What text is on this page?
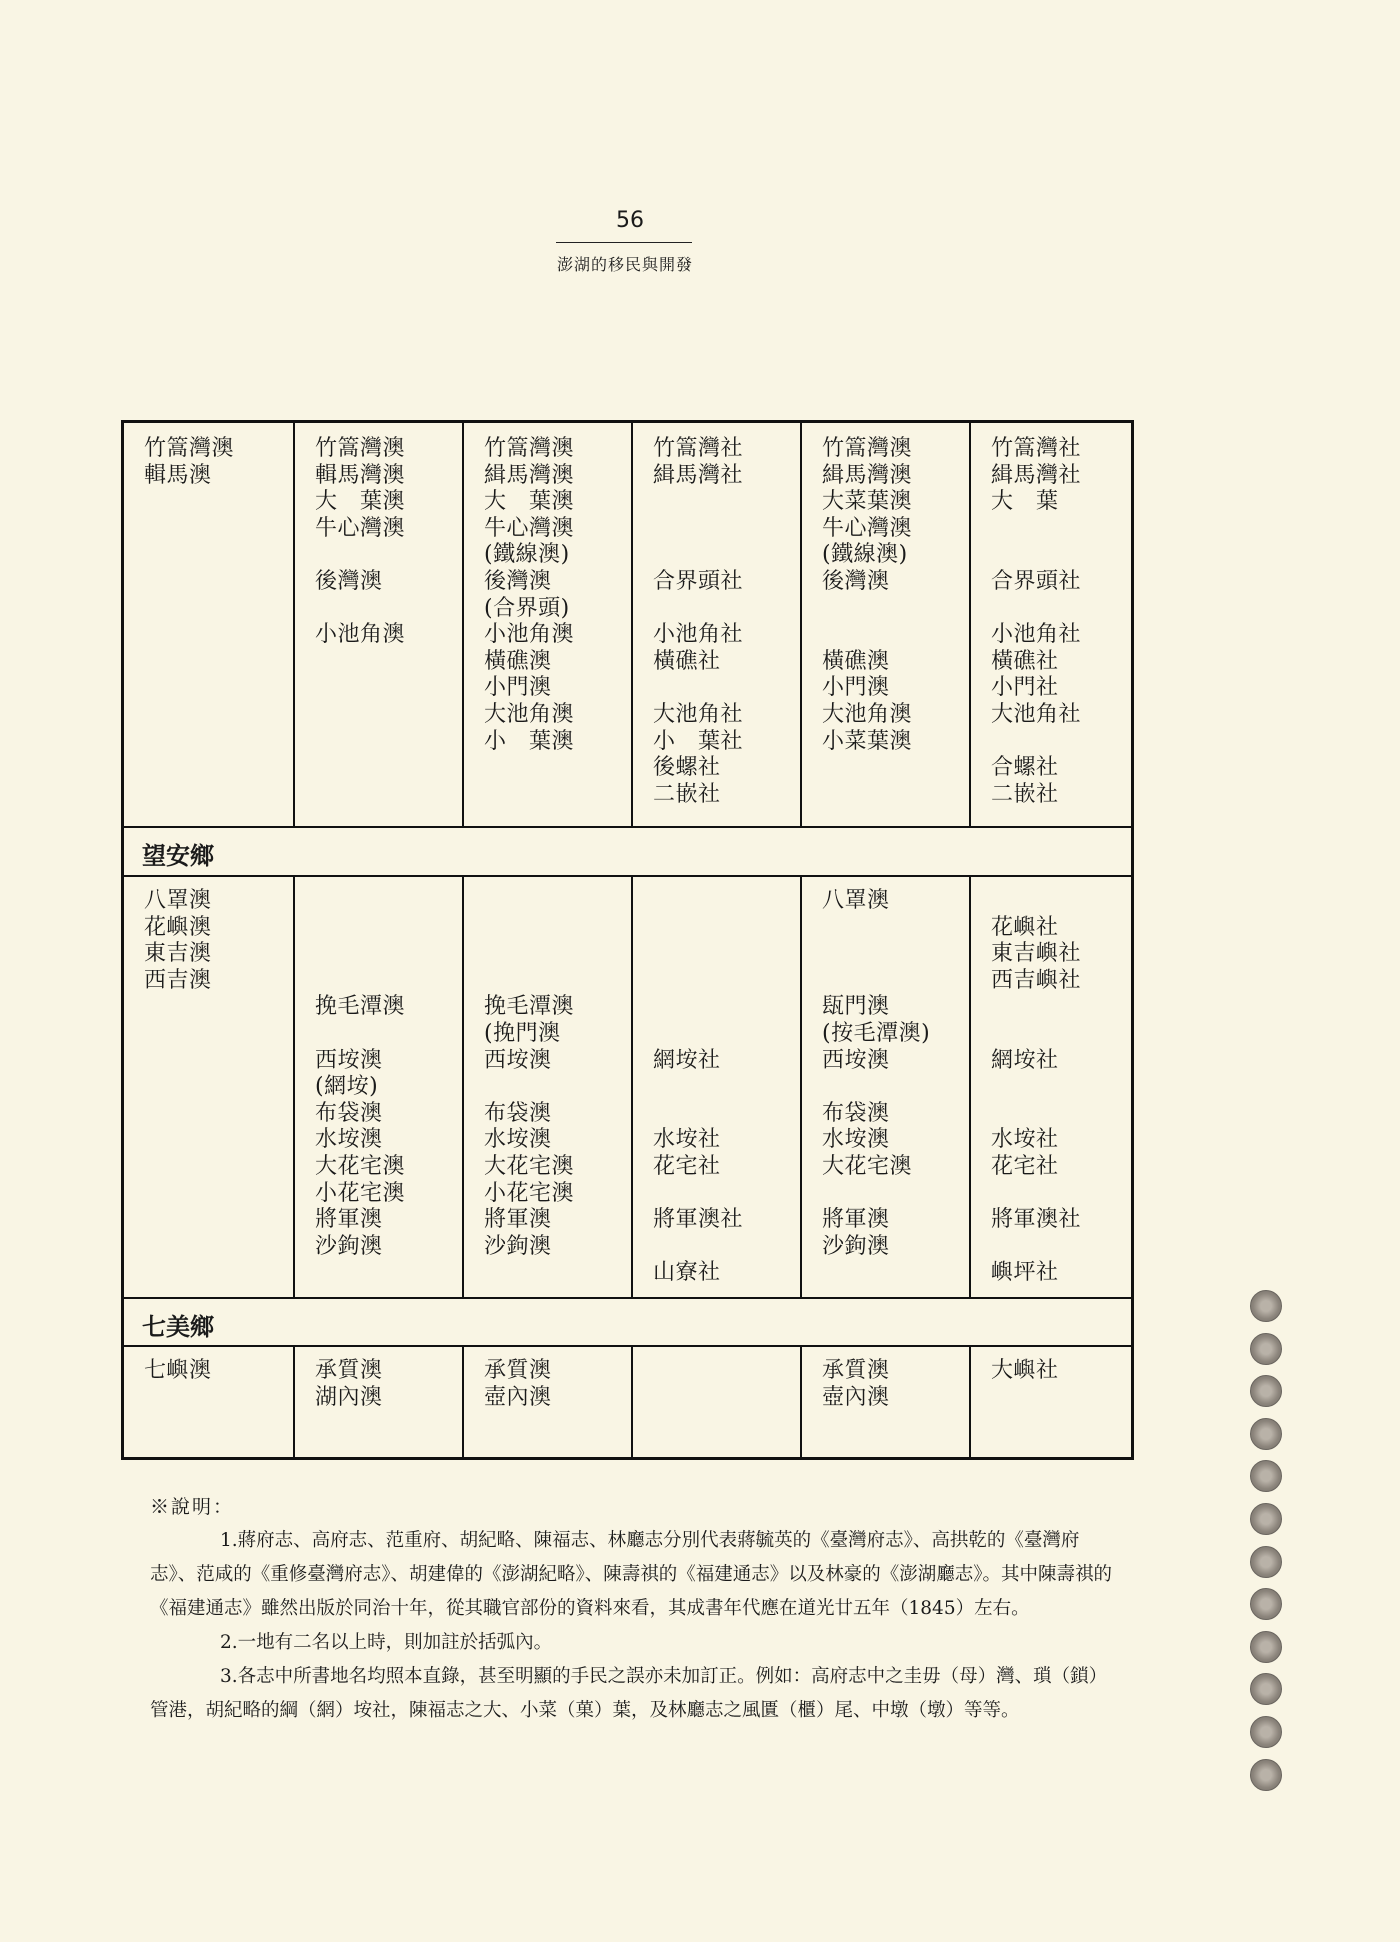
56
澎湖的移民與開發
竹篙灣澳
輯馬澳
竹篙灣澳
輯馬灣澳
大　葉澳
牛心灣澳
後灣澳
小池角澳
竹篙灣澳
緝馬灣澳
大　葉澳
牛心灣澳
(鐵線澳)
後灣澳
(合界頭)
小池角澳
橫礁澳
小門澳
大池角澳
小　葉澳
竹篙灣社
緝馬灣社
合界頭社
小池角社
橫礁社
大池角社
小　葉社
後螺社
二嵌社
竹篙灣澳
緝馬灣澳
大菜葉澳
牛心灣澳
(鐵線澳)
後灣澳
橫礁澳
小門澳
大池角澳
小菜葉澳
竹篙灣社
緝馬灣社
大　葉
合界頭社
小池角社
橫礁社
小門社
大池角社
合螺社
二嵌社
望安鄉
八罩澳
花嶼澳
東吉澳
西吉澳
挽毛潭澳
西垵澳
(網垵)
布袋澳
水垵澳
大花宅澳
小花宅澳
將軍澳
沙鉤澳
挽毛潭澳
(挽門澳
西垵澳
布袋澳
水垵澳
大花宅澳
小花宅澳
將軍澳
沙鉤澳
網垵社
水垵社
花宅社
將軍澳社
山寮社
八罩澳
瓺門澳
(按毛潭澳)
西垵澳
布袋澳
水垵澳
大花宅澳
將軍澳
沙鉤澳
花嶼社
東吉嶼社
西吉嶼社
網垵社
水垵社
花宅社
將軍澳社
嶼坪社
七美鄉
七嶼澳	承質澳
湖內澳
承質澳
壺內澳
承質澳
壺內澳
大嶼社

※說明：

1.蔣府志、高府志、范重府、胡紀略、陳福志、林廳志分別代表蔣毓英的《臺灣府志》、高拱乾的《臺灣府志》、范咸的《重修臺灣府志》、胡建偉的《澎湖紀略》、陳壽祺的《福建通志》以及林豪的《澎湖廳志》。其中陳壽祺的《福建通志》雖然出版於同治十年，從其職官部份的資料來看，其成書年代應在道光廿五年（1845）左右。

2.一地有二名以上時，則加註於括弧內。

3.各志中所書地名均照本直錄，甚至明顯的手民之誤亦未加訂正。例如：高府志中之圭毋（母）灣、瑣（鎖）管港，胡紀略的綱（網）垵社，陳福志之大、小菜（菓）葉，及林廳志之風匱（櫃）尾、中墩（墩）等等。
